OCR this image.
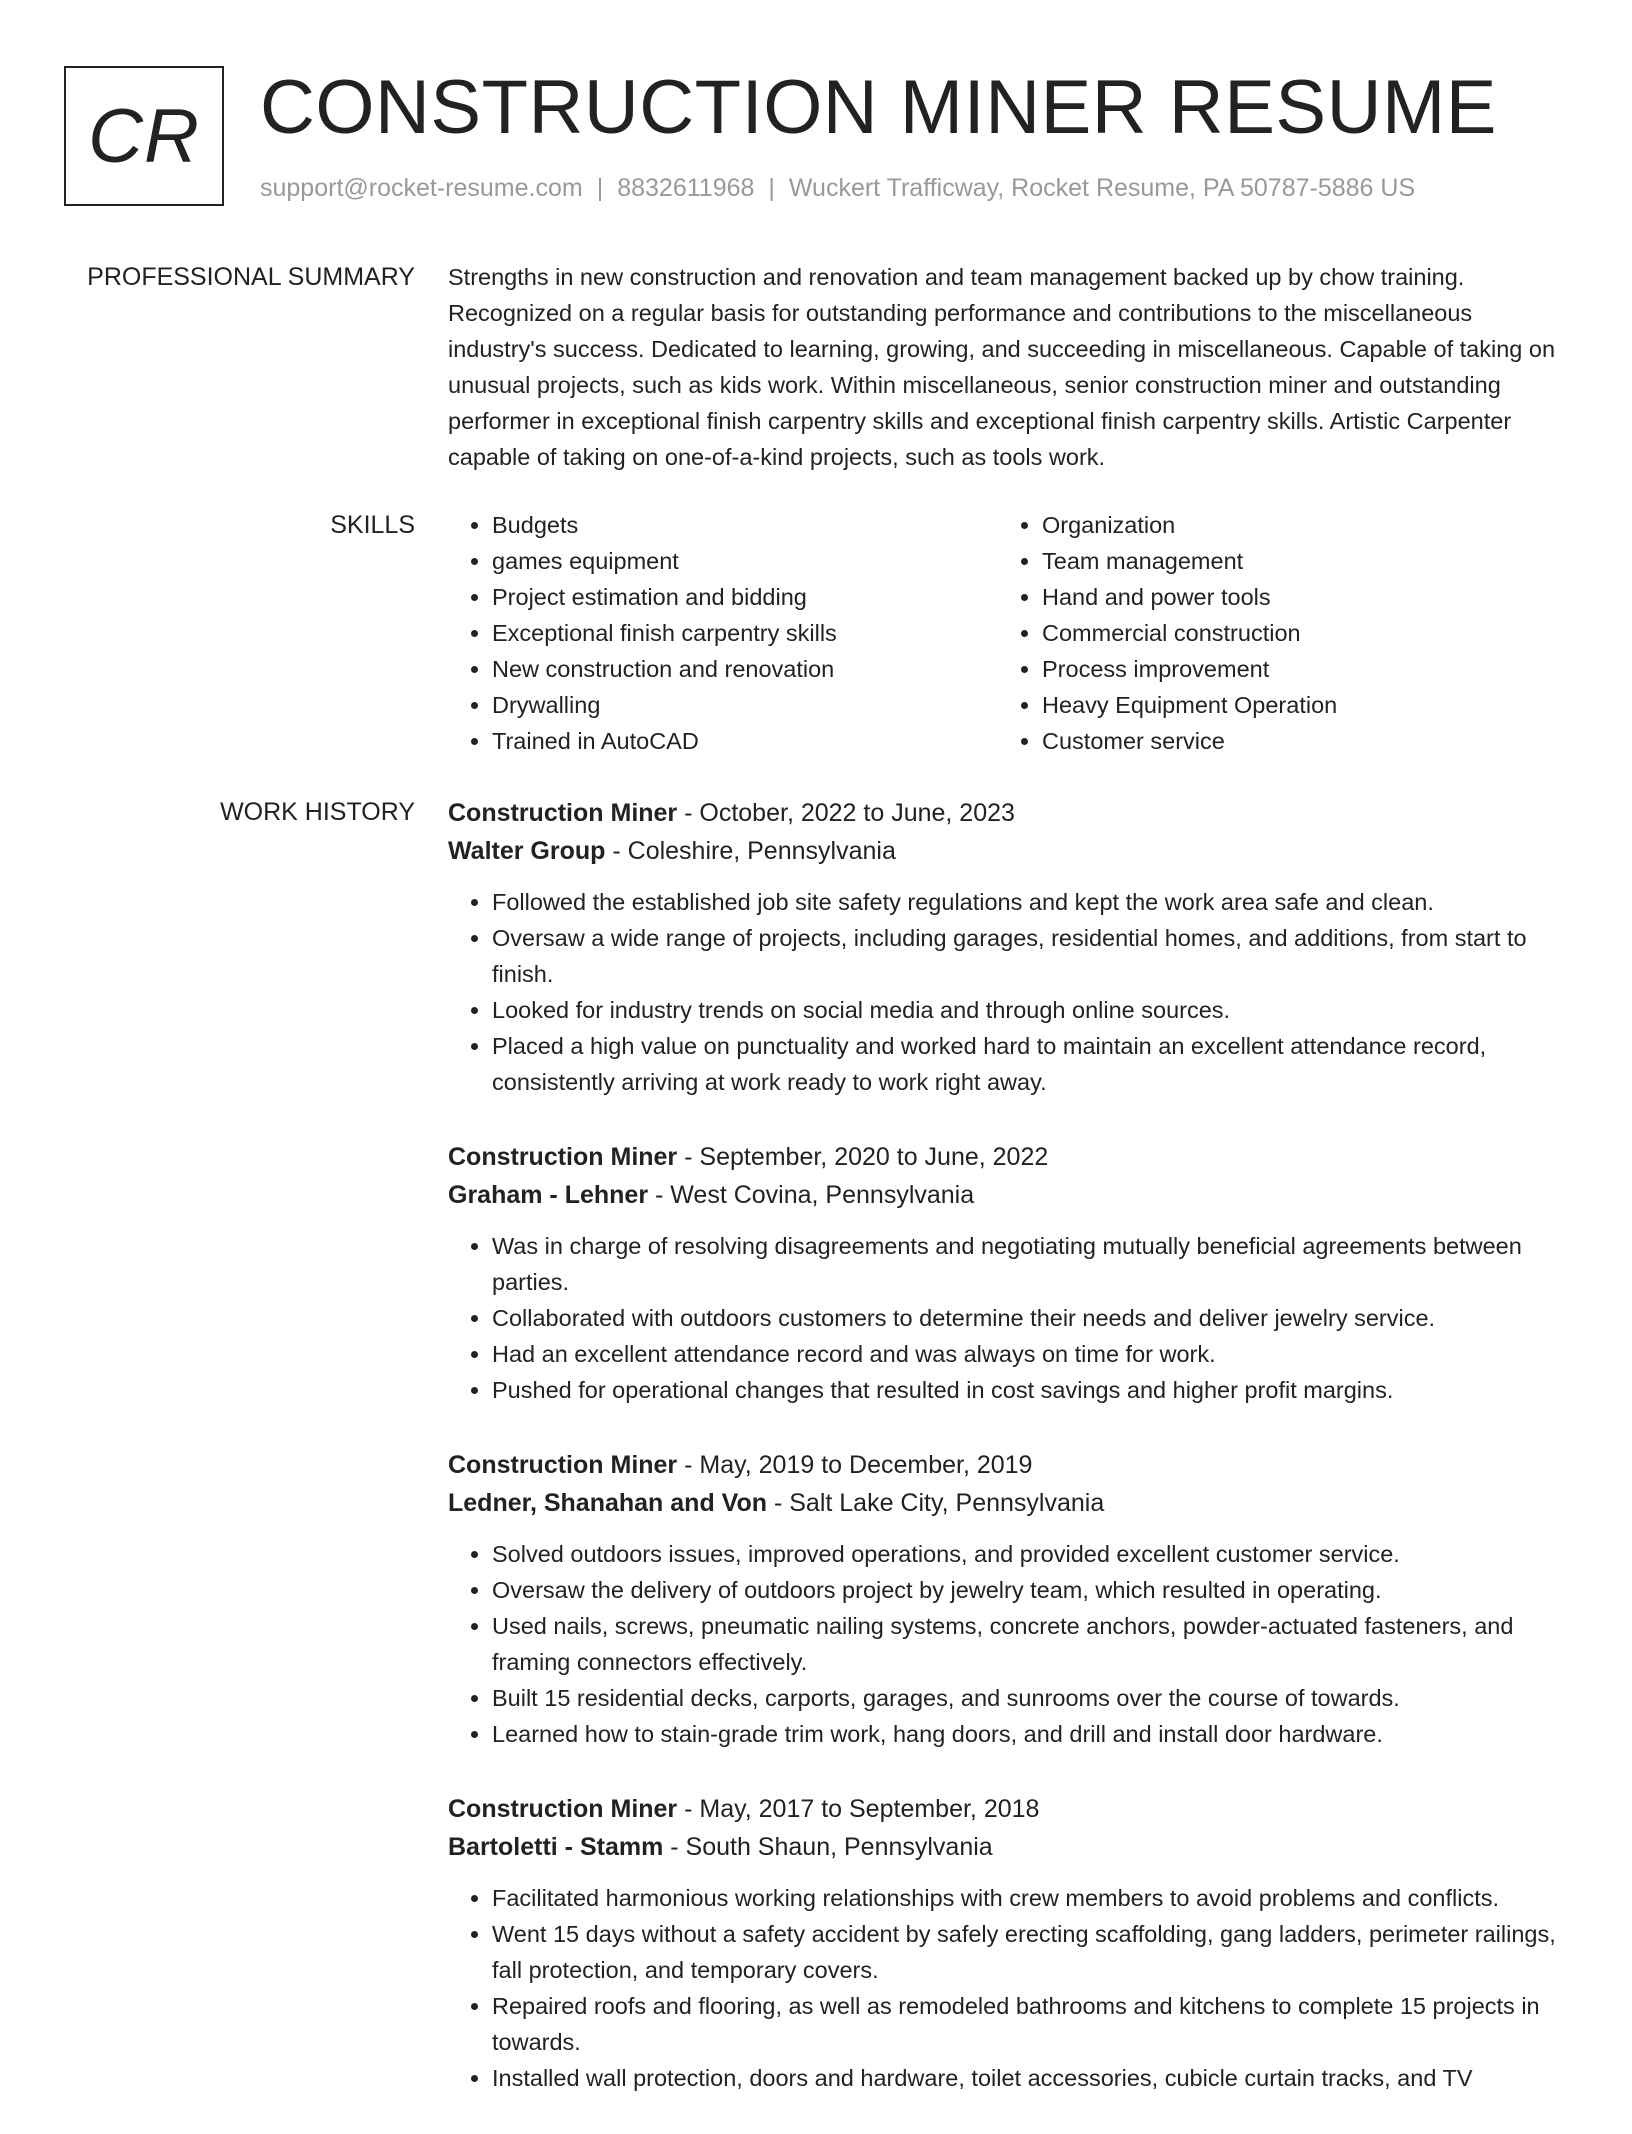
CR CONSTRUCTION MINER RESUME
support@rocket-resume.com | 8832611968 | Wuckert Trafficway, Rocket Resume, PA 50787-5886 US
PROFESSIONAL SUMMARY Strengths in new construction and renovation and team management backed up by chow training. Recognized on a regular basis for outstanding performance and contributions to the miscellaneous industry's success. Dedicated to learning, growing, and succeeding in miscellaneous. Capable of taking on unusual projects, such as kids work. Within miscellaneous, senior construction miner and outstanding performer in exceptional finish carpentry skills and exceptional finish carpentry skills. Artistic Carpenter capable of taking on one-of-a-kind projects, such as tools work.

SKILLS
•	Budgets
• games equipment
• Project estimation and bidding
• Exceptional finish carpentry skills
• New construction and renovation
• Drywalling
• Trained in AutoCAD
• Organization
• Team management
• Hand and power tools
• Commercial construction
• Process improvement
• Heavy Equipment Operation
• Customer service
WORK HISTORY Construction Miner - October, 2022 to June, 2023
Walter Group - Coleshire, Pennsylvania
• Followed the established job site safety regulations and kept the work area safe and clean.
• Oversaw a wide range of projects, including garages, residential homes, and additions, from start to finish.
• Looked for industry trends on social media and through online sources.
• Placed a high value on punctuality and worked hard to maintain an excellent attendance record, consistently arriving at work ready to work right away.
Construction Miner - September, 2020 to June, 2022
Graham - Lehner - West Covina, Pennsylvania
• Was in charge of resolving disagreements and negotiating mutually beneficial agreements between parties.
• Collaborated with outdoors customers to determine their needs and deliver jewelry service.
• Had an excellent attendance record and was always on time for work.
• Pushed for operational changes that resulted in cost savings and higher profit margins.
Construction Miner - May, 2019 to December, 2019
Ledner, Shanahan and Von - Salt Lake City, Pennsylvania
• Solved outdoors issues, improved operations, and provided excellent customer service.
• Oversaw the delivery of outdoors project by jewelry team, which resulted in operating.
• Used nails, screws, pneumatic nailing systems, concrete anchors, powder-actuated fasteners, and framing connectors effectively.
• Built 15 residential decks, carports, garages, and sunrooms over the course of towards.
• Learned how to stain-grade trim work, hang doors, and drill and install door hardware.
Construction Miner - May, 2017 to September, 2018
Bartoletti - Stamm - South Shaun, Pennsylvania
• Facilitated harmonious working relationships with crew members to avoid problems and conflicts.
• Went 15 days without a safety accident by safely erecting scaffolding, gang ladders, perimeter railings, fall protection, and temporary covers.
• Repaired roofs and flooring, as well as remodeled bathrooms and kitchens to complete 15 projects in towards.
• Installed wall protection, doors and hardware, toilet accessories, cubicle curtain tracks, and TV
